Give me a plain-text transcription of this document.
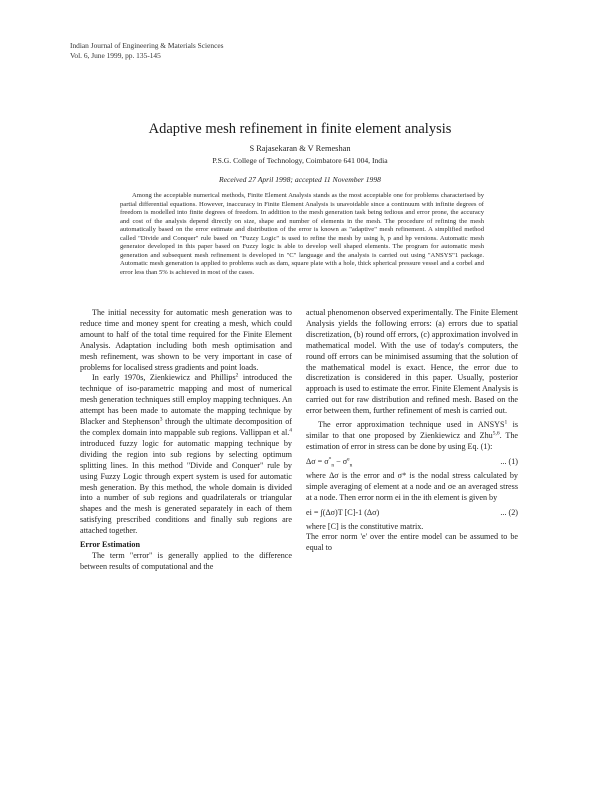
Indian Journal of Engineering & Materials Sciences
Vol. 6, June 1999, pp. 135-145
Adaptive mesh refinement in finite element analysis
S Rajasekaran & V Remeshan
P.S.G. College of Technology, Coimbatore 641 004, India
Received 27 April 1998; accepted 11 November 1998
Among the acceptable numerical methods, Finite Element Analysis stands as the most acceptable one for problems characterised by partial differential equations. However, inaccuracy in Finite Element Analysis is unavoidable since a continuum with infinite degrees of freedom is modelled into finite degrees of freedom. In addition to the mesh generation task being tedious and error prone, the accuracy and cost of the analysis depend directly on size, shape and number of elements in the mesh. The procedure of refining the mesh automatically based on the error estimate and distribution of the error is known as "adaptive" mesh refinement. A simplified method called "Divide and Conquer" rule based on "Fuzzy Logic" is used to refine the mesh by using h, p and hp versions. Automatic mesh generator developed in this paper based on Fuzzy logic is able to develop well shaped elements. The program for automatic mesh generation and subsequent mesh refinement is developed in "C" language and the analysis is carried out using "ANSYS"1 package. Automatic mesh generation is applied to problems such as dam, square plate with a hole, thick spherical pressure vessel and a corbel and error less than 5% is achieved in most of the cases.

The initial necessity for automatic mesh generation was to reduce time and money spent for creating a mesh, which could amount to half of the total time required for the Finite Element Analysis. Adaptation including both mesh optimisation and mesh refinement, was shown to be very important in case of problems for localised stress gradients and point loads.

In early 1970s, Zienkiewicz and Phillips$^2$ introduced the technique of iso-parametric mapping and most of numerical mesh generation techniques still employ mapping techniques. An attempt has been made to automate the mapping technique by Blacker and Stephenson$^3$ through the ultimate decomposition of the complex domain into mappable sub regions. Vallippan et al.$^4$ introduced fuzzy logic for automatic mapping technique by dividing the region into sub regions by selecting optimum splitting lines. In this method "Divide and Conquer" rule by using Fuzzy Logic through expert system is used for automatic mesh generation. By this method, the whole domain is divided into a number of sub regions and quadrilaterals or triangular shapes and the mesh is generated separately in each of them satisfying prescribed conditions and finally sub regions are attached together.

Error Estimation

The term "error" is generally applied to the difference between results of computational and the

actual phenomenon observed experimentally. The Finite Element Analysis yields the following errors: (a) errors due to spatial discretization, (b) round off errors, (c) approximation involved in mathematical model. With the use of today's computers, the round off errors can be minimised assuming that the solution of the mathematical model is exact. Hence, the error due to discretization is considered in this paper. Usually, posterior approach is used to estimate the error. Finite Element Analysis is carried out for raw distribution and refined mesh. Based on the error between them, further refinement of mesh is carried out.

The error approximation technique used in ANSYS$^1$ is similar to that one proposed by Zienkiewicz and Zhu$^{5,6}$. The estimation of error in stress can be done by using Eq. (1):

$\Delta\sigma = \sigma^*_n - \sigma^e_n$	... (1)

where Δσ is the error and σ* is the nodal stress calculated by simple averaging of element at a node and σe an averaged stress at a node. Then error norm ei in the ith element is given by

ei = ∫(Δσ)T [C]-1 (Δσ)	... (2)

where [C] is the constitutive matrix.

The error norm 'e' over the entire model can be assumed to be equal to
